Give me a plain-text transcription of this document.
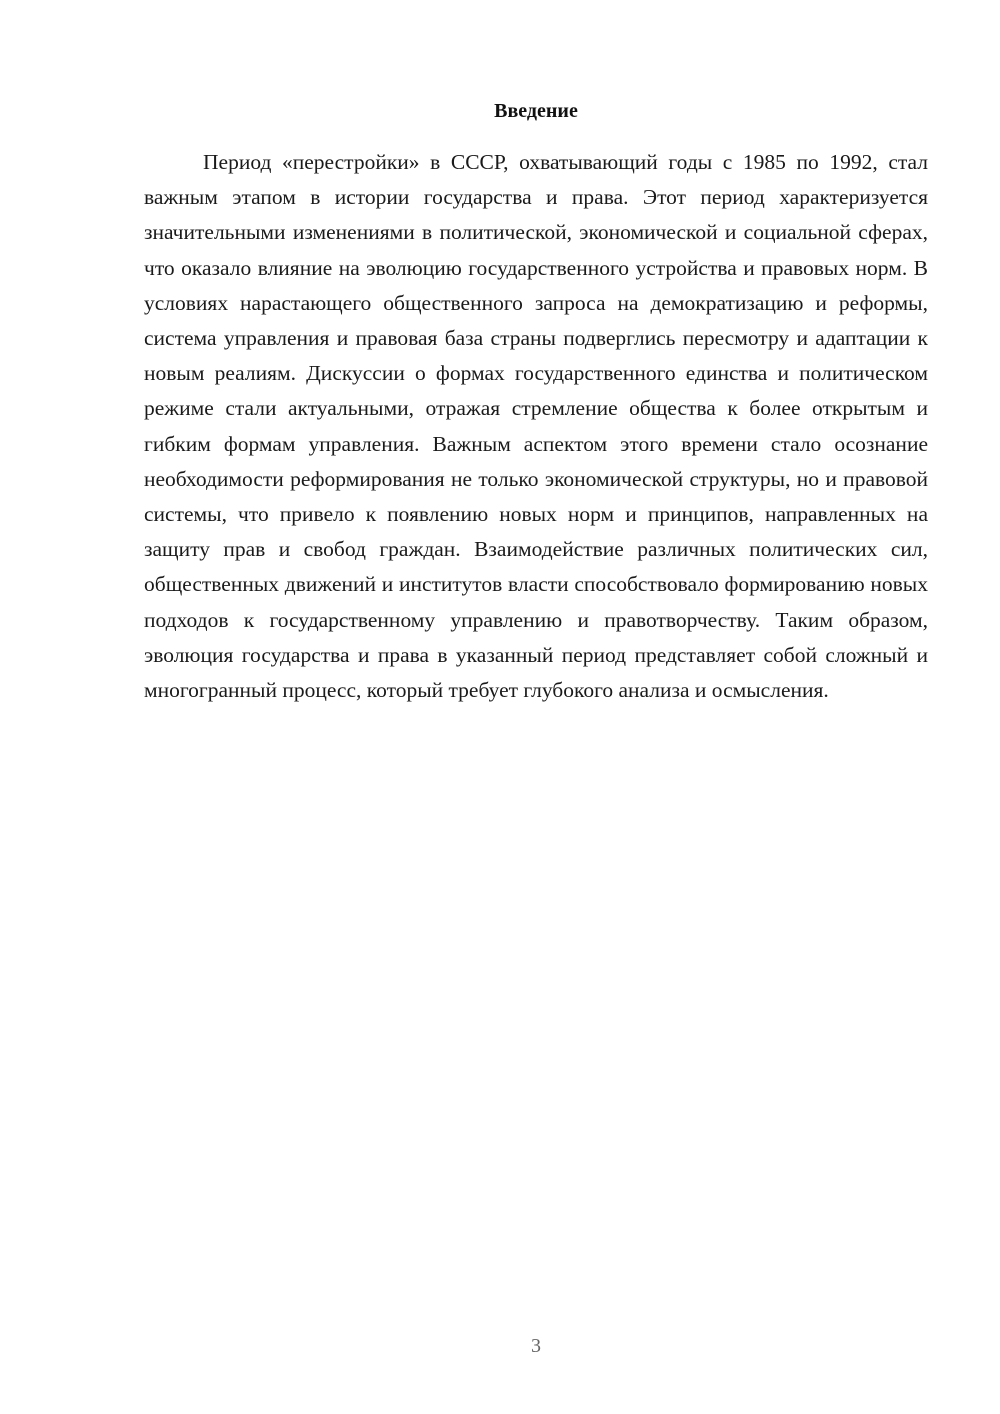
Введение

Период «перестройки» в СССР, охватывающий годы с 1985 по 1992, стал важным этапом в истории государства и права. Этот период характеризуется значительными изменениями в политической, экономической и социальной сферах, что оказало влияние на эволюцию государственного устройства и правовых норм. В условиях нарастающего общественного запроса на демократизацию и реформы, система управления и правовая база страны подверглись пересмотру и адаптации к новым реалиям. Дискуссии о формах государственного единства и политическом режиме стали актуальными, отражая стремление общества к более открытым и гибким формам управления. Важным аспектом этого времени стало осознание необходимости реформирования не только экономической структуры, но и правовой системы, что привело к появлению новых норм и принципов, направленных на защиту прав и свобод граждан. Взаимодействие различных политических сил, общественных движений и институтов власти способствовало формированию новых подходов к государственному управлению и правотворчеству. Таким образом, эволюция государства и права в указанный период представляет собой сложный и многогранный процесс, который требует глубокого анализа и осмысления.

3
